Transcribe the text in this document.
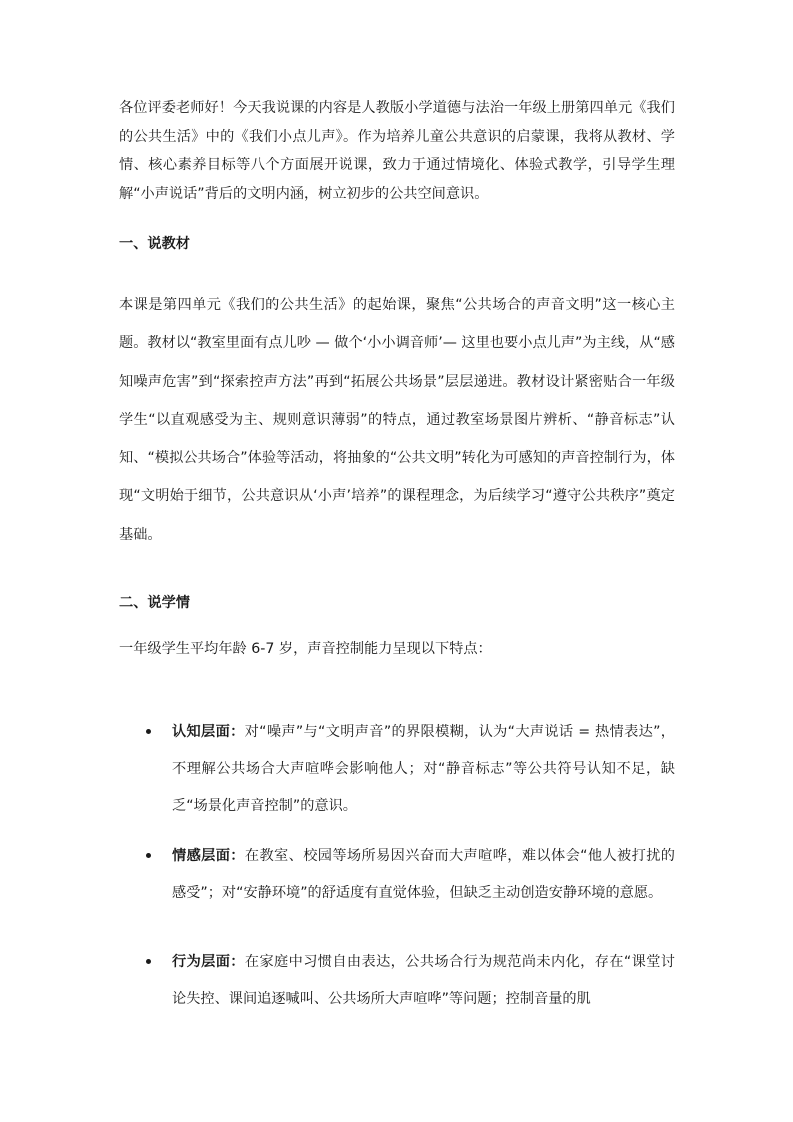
各位评委老师好！今天我说课的内容是人教版小学道德与法治一年级上册第四单元《我们的公共生活》中的《我们小点儿声》。作为培养儿童公共意识的启蒙课，我将从教材、学情、核心素养目标等八个方面展开说课，致力于通过情境化、体验式教学，引导学生理解“小声说话”背后的文明内涵，树立初步的公共空间意识。

一、说教材

本课是第四单元《我们的公共生活》的起始课，聚焦“公共场合的声音文明”这一核心主题。教材以“教室里面有点儿吵 — 做个‘小小调音师’— 这里也要小点儿声”为主线，从“感知噪声危害”到“探索控声方法”再到“拓展公共场景”层层递进。教材设计紧密贴合一年级学生“以直观感受为主、规则意识薄弱”的特点，通过教室场景图片辨析、“静音标志”认知、“模拟公共场合”体验等活动，将抽象的“公共文明”转化为可感知的声音控制行为，体现“文明始于细节，公共意识从‘小声’培养”的课程理念，为后续学习“遵守公共秩序”奠定基础。

二、说学情

一年级学生平均年龄 6-7 岁，声音控制能力呈现以下特点：

认知层面：对“噪声”与“文明声音”的界限模糊，认为“大声说话 = 热情表达”，不理解公共场合大声喧哗会影响他人；对“静音标志”等公共符号认知不足，缺乏“场景化声音控制”的意识。
情感层面：在教室、校园等场所易因兴奋而大声喧哗，难以体会“他人被打扰的感受”；对“安静环境”的舒适度有直觉体验，但缺乏主动创造安静环境的意愿。
行为层面：在家庭中习惯自由表达，公共场合行为规范尚未内化，存在“课堂讨论失控、课间追逐喊叫、公共场所大声喧哗”等问题；控制音量的肌
